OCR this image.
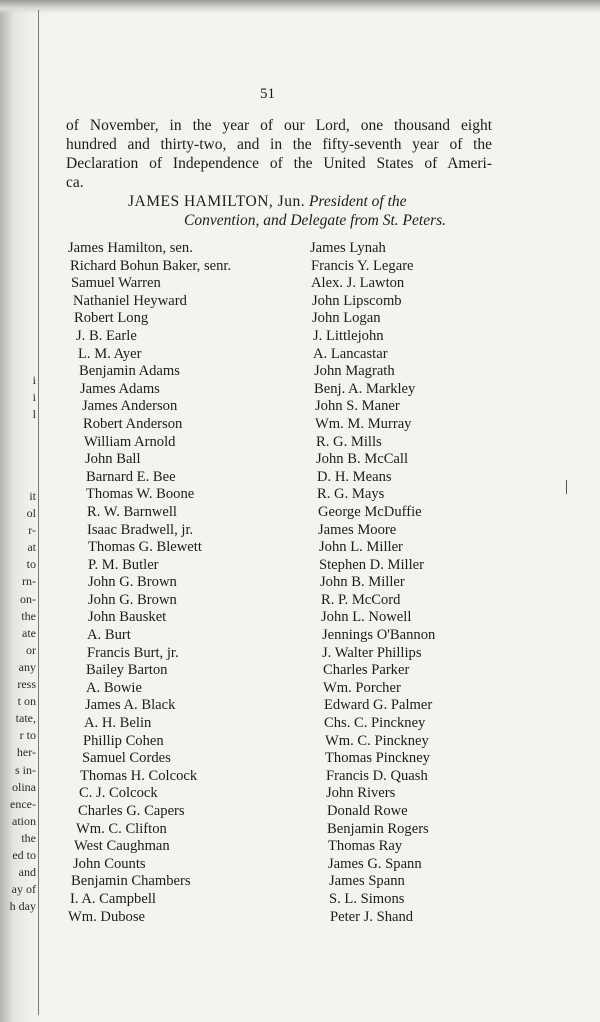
i
i
l
it
ol
r-
at
to
rn-
on-
the
ate
or
any
ress
t on
tate,
r to
her-
s in-
olina
ence-
ation
the
ed to
and
ay of
h day
51
of November, in the year of our Lord, one thousand eight
hundred and thirty-two, and in the fifty-seventh year of the
Declaration of Independence of the United States of Ameri-
ca.
JAMES HAMILTON, Jun. President of the
Convention, and Delegate from St. Peters.
James Hamilton, sen.
Richard Bohun Baker, senr.
Samuel Warren
Nathaniel Heyward
Robert Long
J. B. Earle
L. M. Ayer
Benjamin Adams
James Adams
James Anderson
Robert Anderson
William Arnold
John Ball
Barnard E. Bee
Thomas W. Boone
R. W. Barnwell
Isaac Bradwell, jr.
Thomas G. Blewett
P. M. Butler
John G. Brown
John G. Brown
John Bausket
A. Burt
Francis Burt, jr.
Bailey Barton
A. Bowie
James A. Black
A. H. Belin
Phillip Cohen
Samuel Cordes
Thomas H. Colcock
C. J. Colcock
Charles G. Capers
Wm. C. Clifton
West Caughman
John Counts
Benjamin Chambers
I. A. Campbell
Wm. Dubose
James Lynah
Francis Y. Legare
Alex. J. Lawton
John Lipscomb
John Logan
J. Littlejohn
A. Lancastar
John Magrath
Benj. A. Markley
John S. Maner
Wm. M. Murray
R. G. Mills
John B. McCall
D. H. Means
R. G. Mays
George McDuffie
James Moore
John L. Miller
Stephen D. Miller
John B. Miller
R. P. McCord
John L. Nowell
Jennings O'Bannon
J. Walter Phillips
Charles Parker
Wm. Porcher
Edward G. Palmer
Chs. C. Pinckney
Wm. C. Pinckney
Thomas Pinckney
Francis D. Quash
John Rivers
Donald Rowe
Benjamin Rogers
Thomas Ray
James G. Spann
James Spann
S. L. Simons
Peter J. Shand
